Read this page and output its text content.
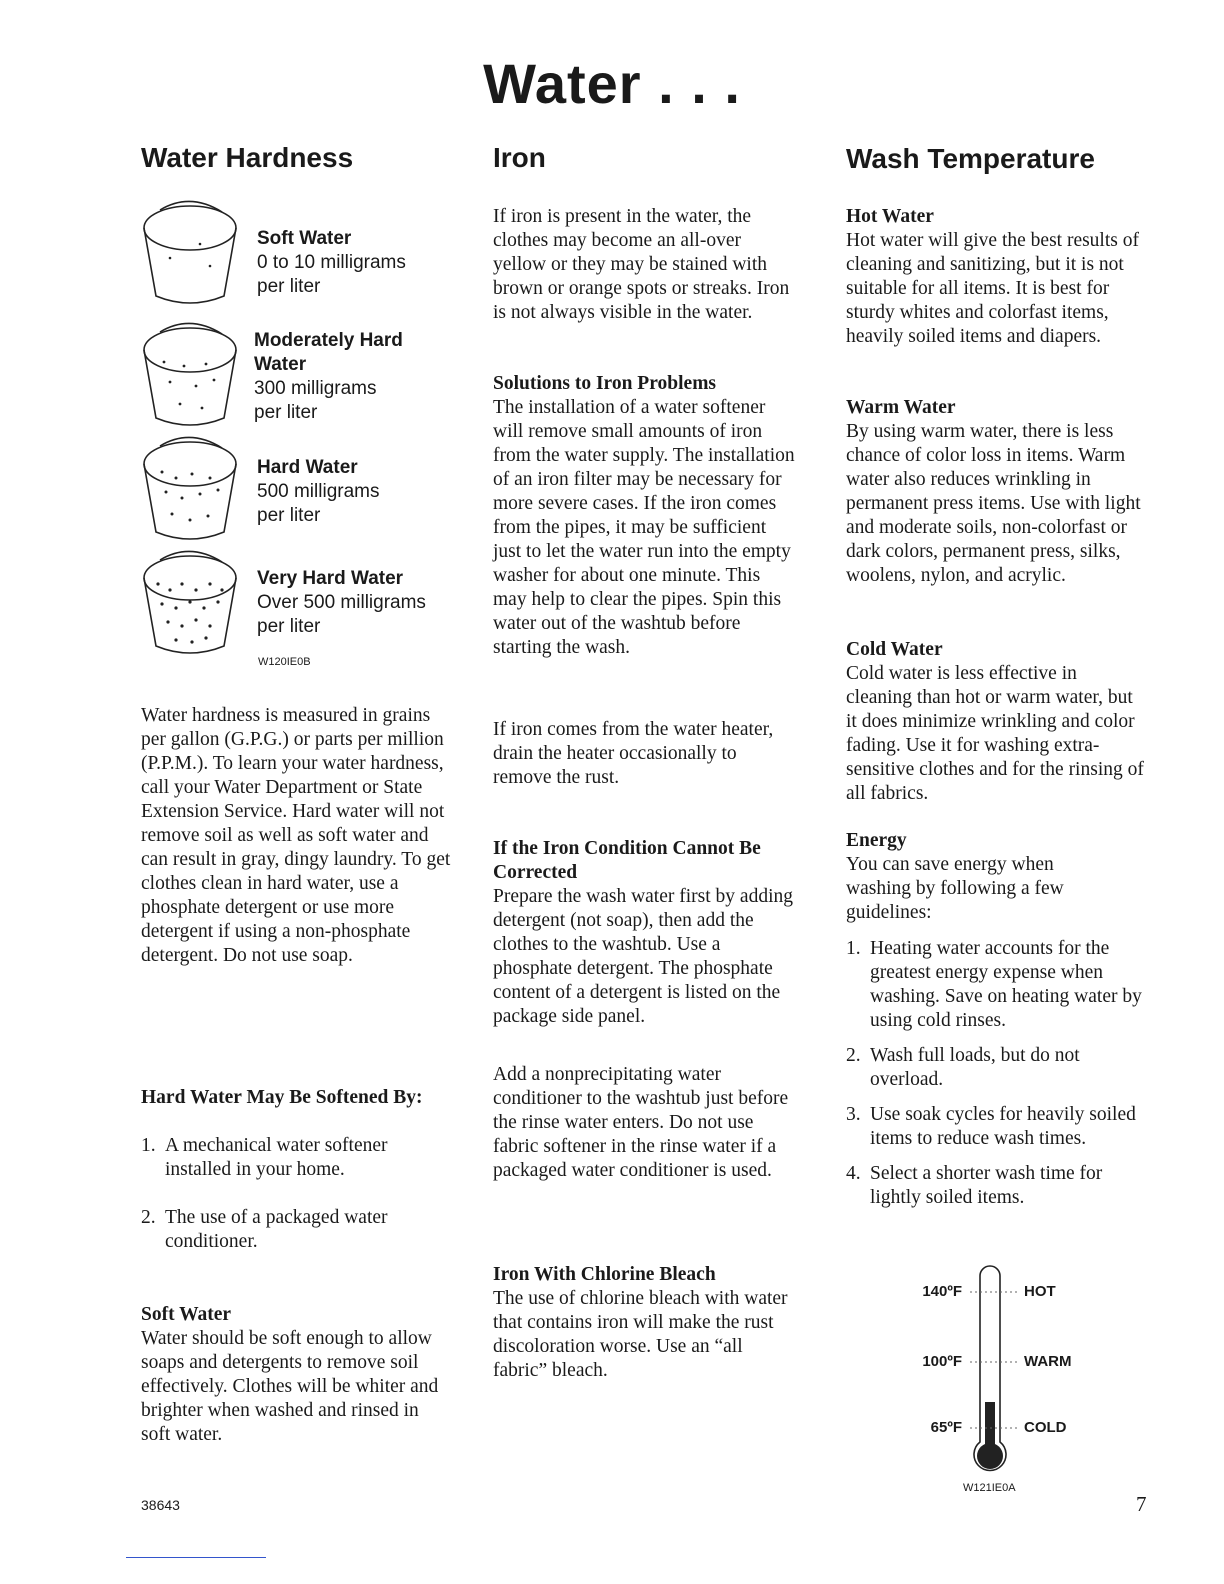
Water . . .
Water Hardness
Soft Water
0 to 10 milligrams per liter
Moderately Hard Water
300 milligrams per liter
Hard Water
500 milligrams per liter
Very Hard Water
Over 500 milligrams per liter
W120IE0B

Water hardness is measured in grains per gallon (G.P.G.) or parts per million (P.P.M.). To learn your water hardness, call your Water Department or State Extension Service. Hard water will not remove soil as well as soft water and can result in gray, dingy laundry. To get clothes clean in hard water, use a phosphate detergent or use more detergent if using a non-phosphate detergent. Do not use soap.

Hard Water May Be Softened By:

1. A mechanical water softener installed in your home.
2. The use of a packaged water conditioner.

Soft Water

Water should be soft enough to allow soaps and detergents to remove soil effectively. Clothes will be whiter and brighter when washed and rinsed in soft water.

Iron

If iron is present in the water, the clothes may become an all-over yellow or they may be stained with brown or orange spots or streaks. Iron is not always visible in the water.

Solutions to Iron Problems

The installation of a water softener will remove small amounts of iron from the water supply. The installation of an iron filter may be necessary for more severe cases. If the iron comes from the pipes, it may be sufficient just to let the water run into the empty washer for about one minute. This may help to clear the pipes. Spin this water out of the washtub before starting the wash.

If iron comes from the water heater, drain the heater occasionally to remove the rust.

If the Iron Condition Cannot Be Corrected

Prepare the wash water first by adding detergent (not soap), then add the clothes to the washtub. Use a phosphate detergent. The phosphate content of a detergent is listed on the package side panel.

Add a nonprecipitating water conditioner to the washtub just before the rinse water enters. Do not use fabric softener in the rinse water if a packaged water conditioner is used.

Iron With Chlorine Bleach

The use of chlorine bleach with water that contains iron will make the rust discoloration worse. Use an “all fabric” bleach.

Wash Temperature

Hot Water

Hot water will give the best results of cleaning and sanitizing, but it is not suitable for all items. It is best for sturdy whites and colorfast items, heavily soiled items and diapers.

Warm Water

By using warm water, there is less chance of color loss in items. Warm water also reduces wrinkling in permanent press items. Use with light and moderate soils, non-colorfast or dark colors, permanent press, silks, woolens, nylon, and acrylic.

Cold Water

Cold water is less effective in cleaning than hot or warm water, but it does minimize wrinkling and color fading. Use it for washing extra-sensitive clothes and for the rinsing of all fabrics.

Energy

You can save energy when washing by following a few guidelines:

1. Heating water accounts for the greatest energy expense when washing. Save on heating water by using cold rinses.
2. Wash full loads, but do not overload.
3. Use soak cycles for heavily soiled items to reduce wash times.
4. Select a shorter wash time for lightly soiled items.
140ºF	HOT
100ºF	WARM
65ºF	COLD
W121IE0A
38643	7
